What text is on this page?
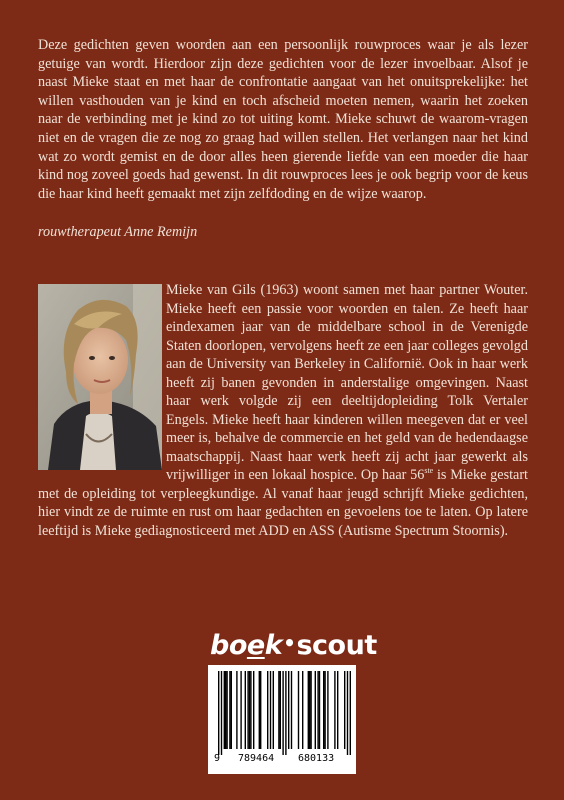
Deze gedichten geven woorden aan een persoonlijk rouwproces waar je als lezer getuige van wordt. Hierdoor zijn deze gedichten voor de lezer invoelbaar. Alsof je naast Mieke staat en met haar de confrontatie aangaat van het onuitsprekelijke: het willen vasthouden van je kind en toch afscheid moeten nemen, waarin het zoeken naar de verbinding met je kind zo tot uiting komt. Mieke schuwt de waarom-vragen niet en de vragen die ze nog zo graag had willen stellen. Het verlangen naar het kind wat zo wordt gemist en de door alles heen gierende liefde van een moeder die haar kind nog zoveel goeds had gewenst. In dit rouwproces lees je ook begrip voor de keus die haar kind heeft gemaakt met zijn zelfdoding en de wijze waarop.

rouwtherapeut Anne Remijn

Mieke van Gils (1963) woont samen met haar partner Wouter. Mieke heeft een passie voor woorden en talen. Ze heeft haar eindexamen jaar van de middelbare school in de Verenigde Staten doorlopen, vervolgens heeft ze een jaar colleges gevolgd aan de University van Berkeley in Californië. Ook in haar werk heeft zij banen gevonden in anderstalige omgevingen. Naast haar werk volgde zij een deeltijdopleiding Tolk Vertaler Engels. Mieke heeft haar kinderen willen meegeven dat er veel meer is, behalve de commercie en het geld van de hedendaagse maatschappij. Naast haar werk heeft zij acht jaar gewerkt als vrijwilliger in een lokaal hospice. Op haar 56ste is Mieke gestart met de opleiding tot verpleegkundige. Al vanaf haar jeugd schrijft Mieke gedichten, hier vindt ze de ruimte en rust om haar gedachten en gevoelens toe te laten. Op latere leeftijd is Mieke gediagnosticeerd met ADD en ASS (Autisme Spectrum Stoornis).

boek•scout
9 789464 680133
